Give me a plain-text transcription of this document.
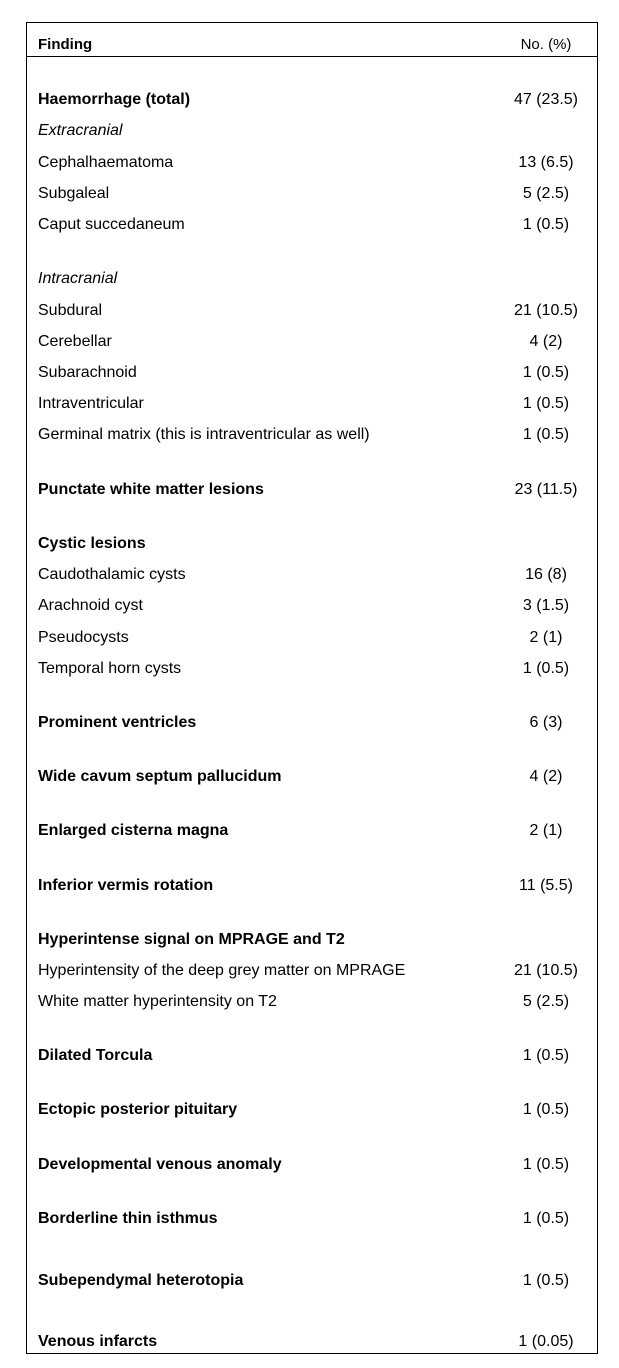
Finding	No. (%)
Haemorrhage (total)	47 (23.5)
Extracranial
Cephalhaematoma	13 (6.5)
Subgaleal	5 (2.5)
Caput succedaneum	1 (0.5)
Intracranial
Subdural	21 (10.5)
Cerebellar	4 (2)
Subarachnoid	1 (0.5)
Intraventricular	1 (0.5)
Germinal matrix (this is intraventricular as well)	1 (0.5)
Punctate white matter lesions	23 (11.5)
Cystic lesions
Caudothalamic cysts	16 (8)
Arachnoid cyst	3 (1.5)
Pseudocysts	2 (1)
Temporal horn cysts	1 (0.5)
Prominent ventricles	6 (3)
Wide cavum septum pallucidum	4 (2)
Enlarged cisterna magna	2 (1)
Inferior vermis rotation	11 (5.5)
Hyperintense signal on MPRAGE and T2
Hyperintensity of the deep grey matter on MPRAGE	21 (10.5)
White matter hyperintensity on T2	5 (2.5)
Dilated Torcula	1 (0.5)
Ectopic posterior pituitary	1 (0.5)
Developmental venous anomaly	1 (0.5)
Borderline thin isthmus	1 (0.5)
Subependymal heterotopia	1 (0.5)
Venous infarcts	1 (0.05)
